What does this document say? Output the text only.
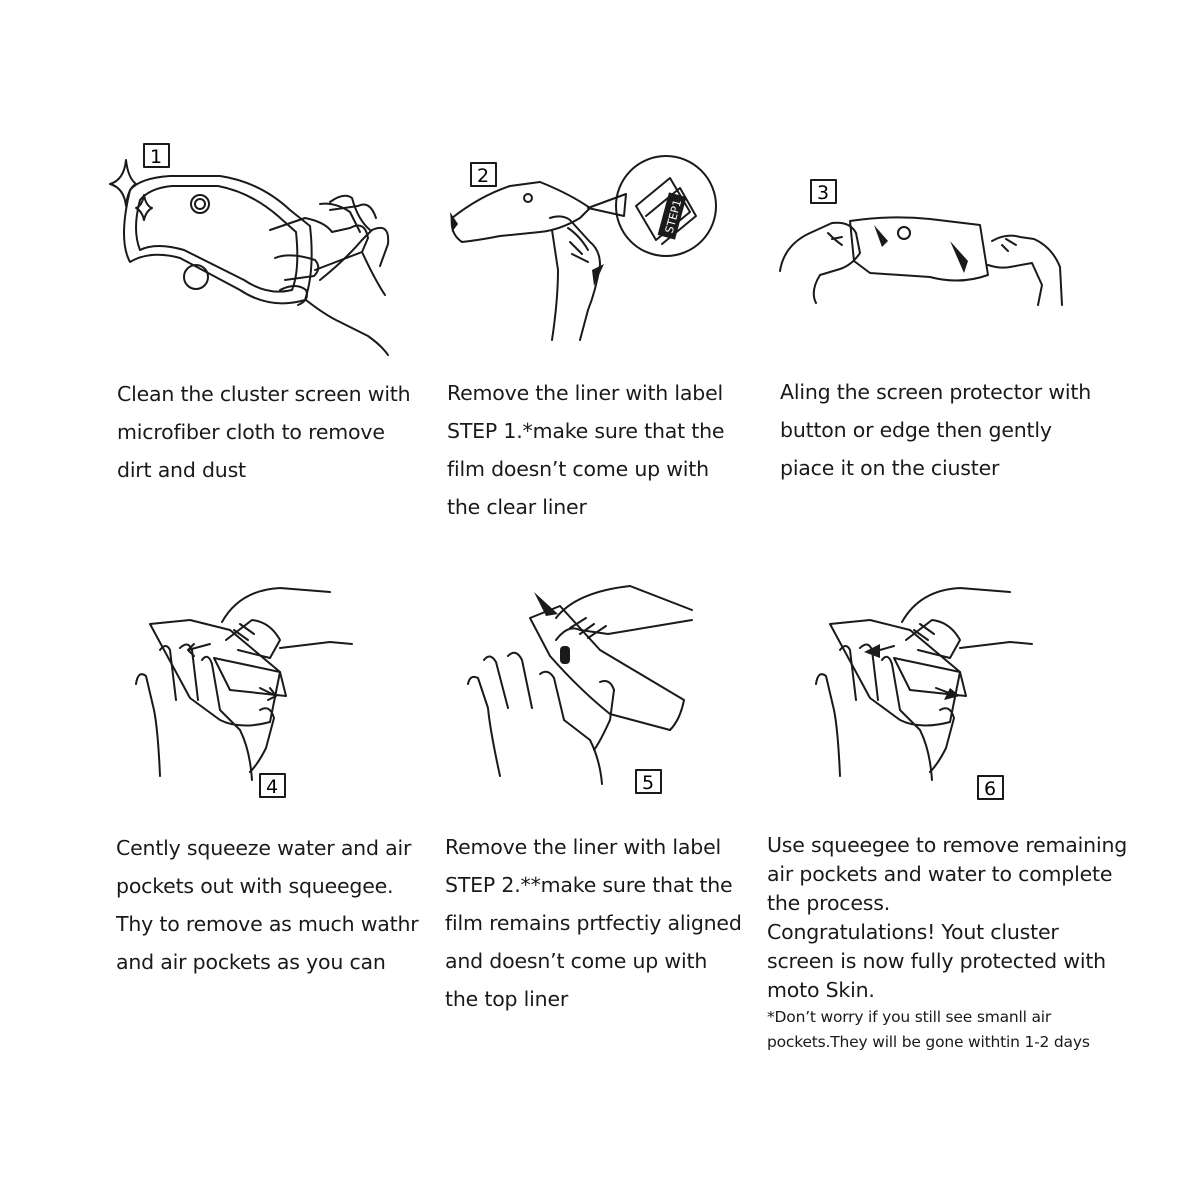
1
Clean the cluster screen with
microfiber cloth to remove
dirt and dust
2
STEP1
Remove the liner with label
STEP 1.*make sure that the
film doesn’t come up with
the clear liner
3
Aling the screen protector with
button or edge then gently
piace it on the ciuster
4
Cently squeeze water and air
pockets out with squeegee.
Thy to remove as much wathr
and air pockets as you can
5
Remove the liner with label
STEP 2.**make sure that the
film remains prtfectiy aligned
and doesn’t come up with
the top liner
6
Use squeegee to remove remaining
air pockets and water to complete
the process.
Congratulations! Yout cluster
screen is now fully protected with
moto Skin.
*Don’t worry if you still see smanll air
pockets.They will be gone withtin 1-2 days
